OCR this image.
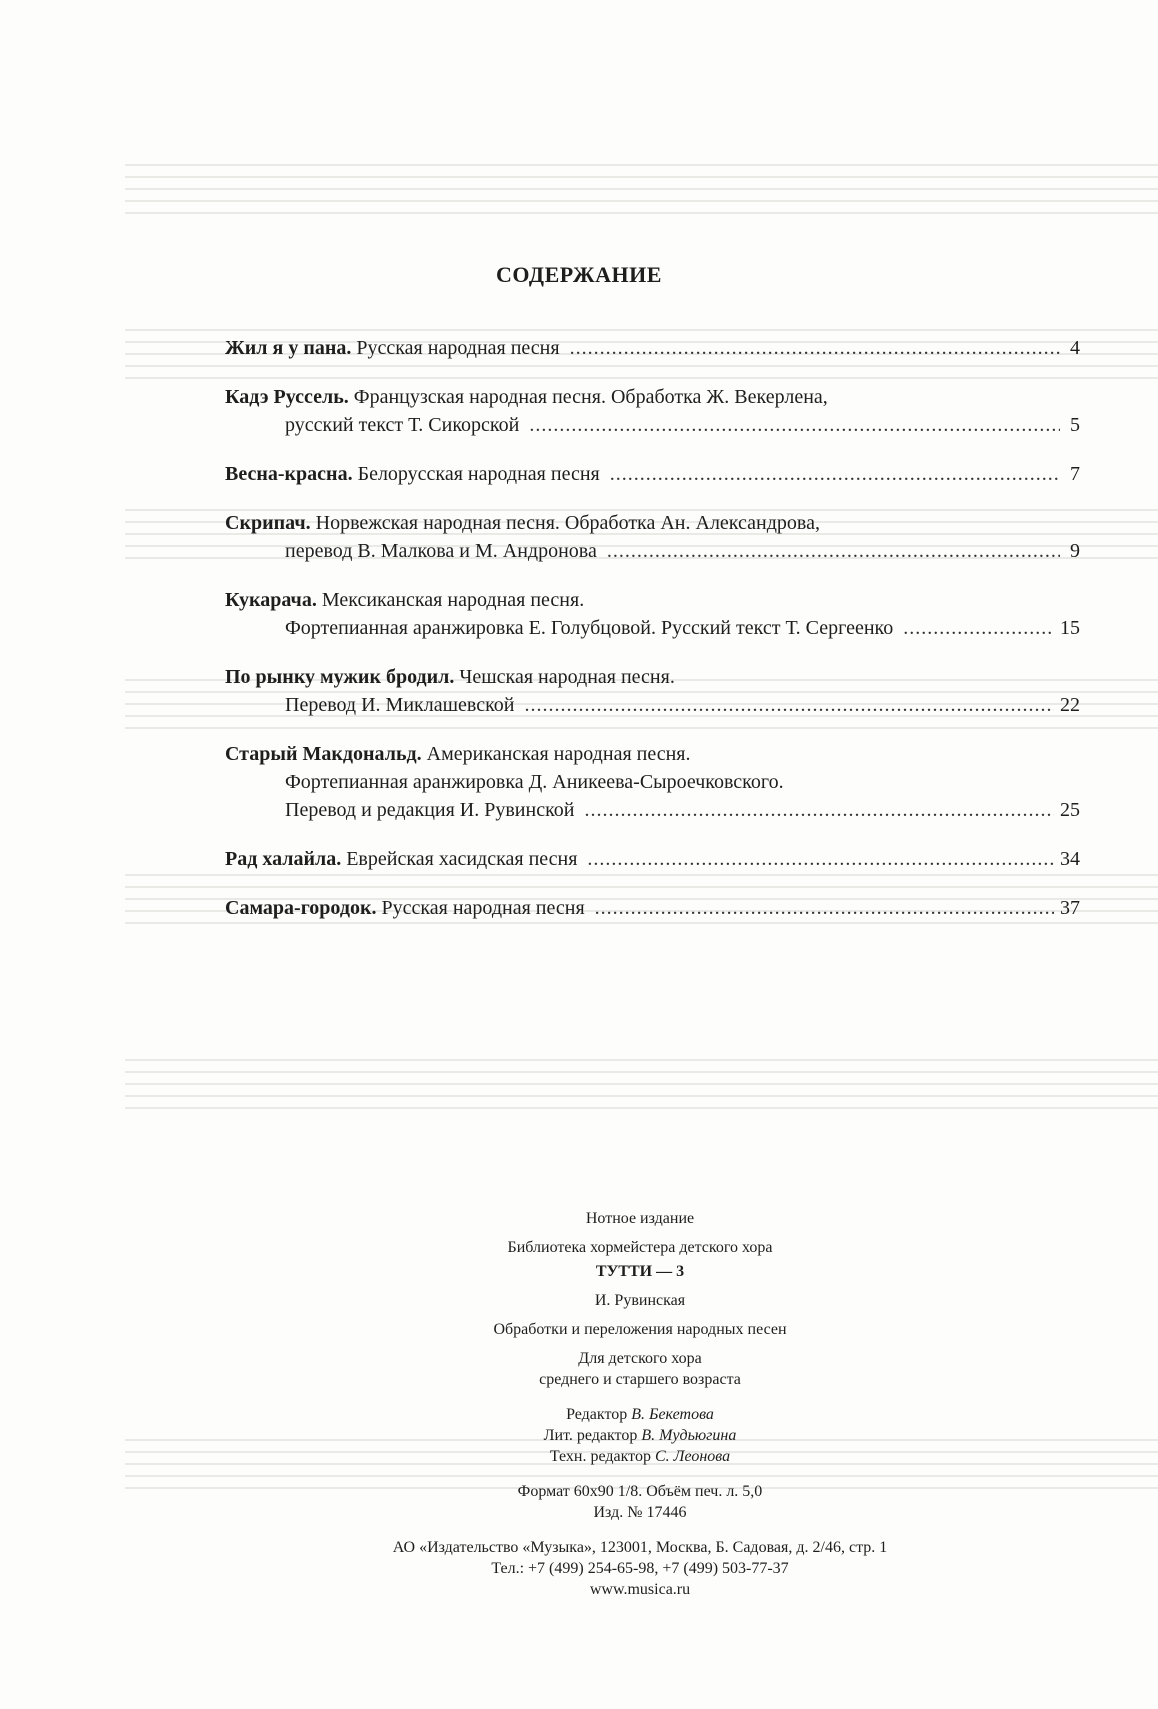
СОДЕРЖАНИЕ
Жил я у пана. Русская народная песня .....	4
Кадэ Руссель. Французская народная песня. Обработка Ж. Векерлена,
русский текст Т. Сикорской .....	5
Весна-красна. Белорусская народная песня .....	7
Скрипач. Норвежская народная песня. Обработка Ан. Александрова,
перевод В. Малкова и М. Андронова .....	9
Кукарача. Мексиканская народная песня.
Фортепианная аранжировка Е. Голубцовой. Русский текст Т. Сергеенко .....	15
По рынку мужик бродил. Чешская народная песня.
Перевод И. Миклашевской .....	22
Старый Макдональд. Американская народная песня.
Фортепианная аранжировка Д. Аникеева-Сыроечковского.
Перевод и редакция И. Рувинской .....	25
Рад халайла. Еврейская хасидская песня .....	34
Самара-городок. Русская народная песня .....	37
Нотное издание
Библиотека хормейстера детского хора
ТУТТИ — 3
И. Рувинская
Обработки и переложения народных песен
Для детского хора
среднего и старшего возраста
Редактор В. Бекетова
Лит. редактор В. Мудьюгина
Техн. редактор С. Леонова
Формат 60x90 1/8. Объём печ. л. 5,0
Изд. № 17446
АО «Издательство «Музыка», 123001, Москва, Б. Садовая, д. 2/46, стр. 1
Тел.: +7 (499) 254-65-98, +7 (499) 503-77-37
www.musica.ru
